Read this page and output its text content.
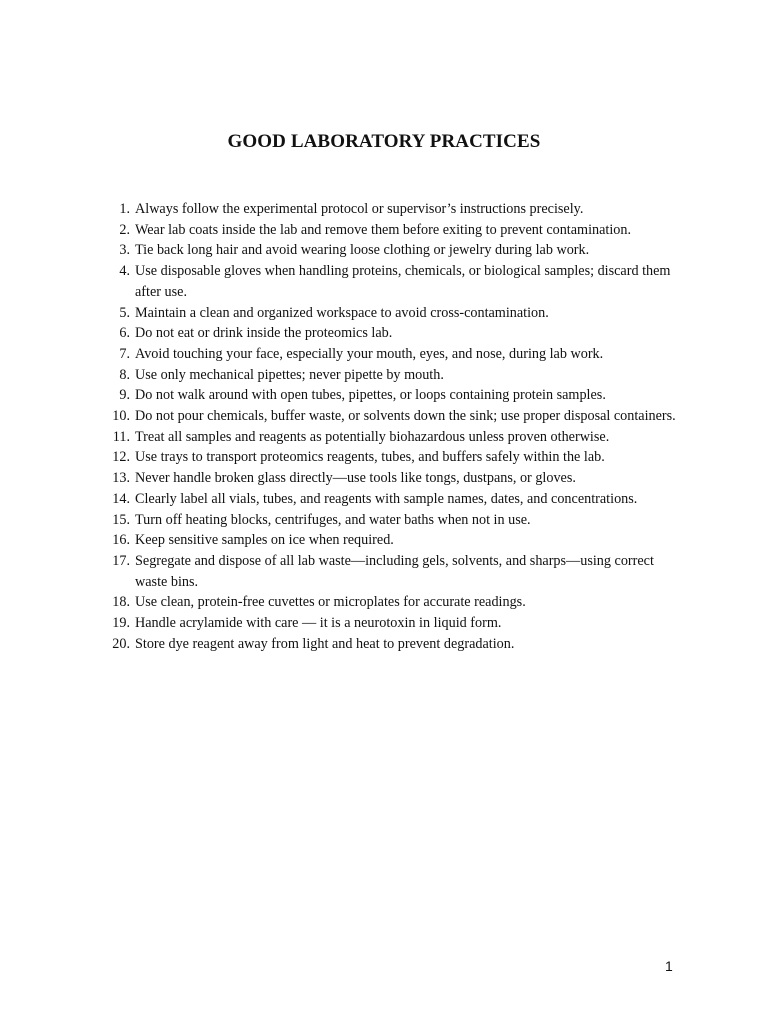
GOOD LABORATORY PRACTICES
1. Always follow the experimental protocol or supervisor’s instructions precisely.
2. Wear lab coats inside the lab and remove them before exiting to prevent contamination.
3. Tie back long hair and avoid wearing loose clothing or jewelry during lab work.
4. Use disposable gloves when handling proteins, chemicals, or biological samples; discard them after use.
5. Maintain a clean and organized workspace to avoid cross-contamination.
6. Do not eat or drink inside the proteomics lab.
7. Avoid touching your face, especially your mouth, eyes, and nose, during lab work.
8. Use only mechanical pipettes; never pipette by mouth.
9. Do not walk around with open tubes, pipettes, or loops containing protein samples.
10. Do not pour chemicals, buffer waste, or solvents down the sink; use proper disposal containers.
11. Treat all samples and reagents as potentially biohazardous unless proven otherwise.
12. Use trays to transport proteomics reagents, tubes, and buffers safely within the lab.
13. Never handle broken glass directly—use tools like tongs, dustpans, or gloves.
14. Clearly label all vials, tubes, and reagents with sample names, dates, and concentrations.
15. Turn off heating blocks, centrifuges, and water baths when not in use.
16. Keep sensitive samples on ice when required.
17. Segregate and dispose of all lab waste—including gels, solvents, and sharps—using correct waste bins.
18. Use clean, protein-free cuvettes or microplates for accurate readings.
19. Handle acrylamide with care — it is a neurotoxin in liquid form.
20. Store dye reagent away from light and heat to prevent degradation.
1
